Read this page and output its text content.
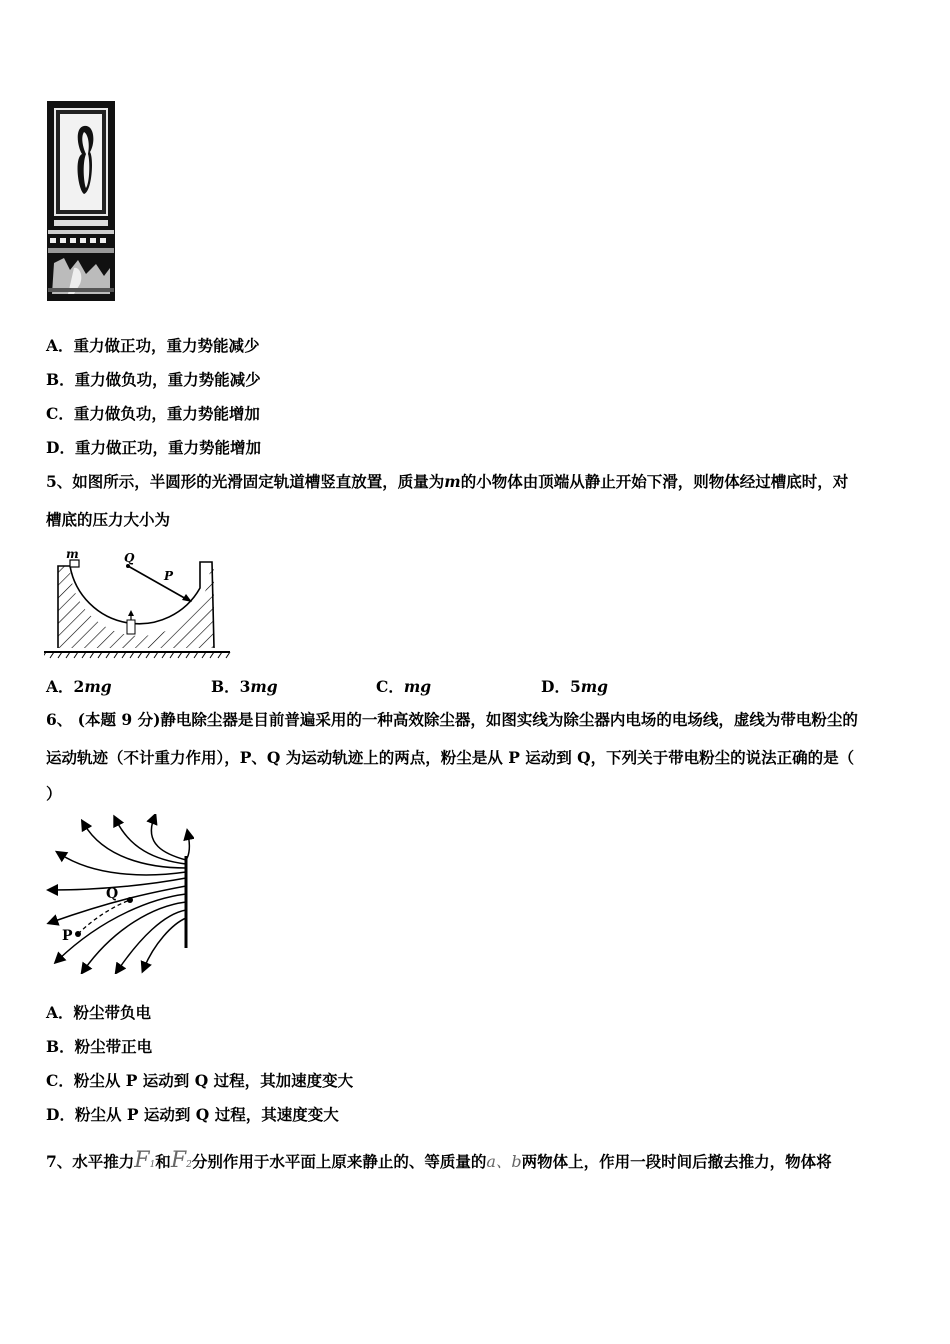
A．重力做正功，重力势能减少
B．重力做负功，重力势能减少
C．重力做负功，重力势能增加
D．重力做正功，重力势能增加
5、如图所示，半圆形的光滑固定轨道槽竖直放置，质量为m的小物体由顶端从静止开始下滑，则物体经过槽底时，对
槽底的压力大小为
m	Q
P
A．2mg	B．3mg	C．mg	D．5mg
6、 (本题 9 分)静电除尘器是目前普遍采用的一种高效除尘器，如图实线为除尘器内电场的电场线，虚线为带电粉尘的
运动轨迹（不计重力作用），P、Q 为运动轨迹上的两点，粉尘是从 P 运动到 Q，下列关于带电粉尘的说法正确的是（
）
P
Q
A．粉尘带负电
B．粉尘带正电
C．粉尘从 P 运动到 Q 过程，其加速度变大
D．粉尘从 P 运动到 Q 过程，其速度变大
7、水平推力F1和F2分别作用于水平面上原来静止的、等质量的a、b两物体上，作用一段时间后撤去推力，物体将
